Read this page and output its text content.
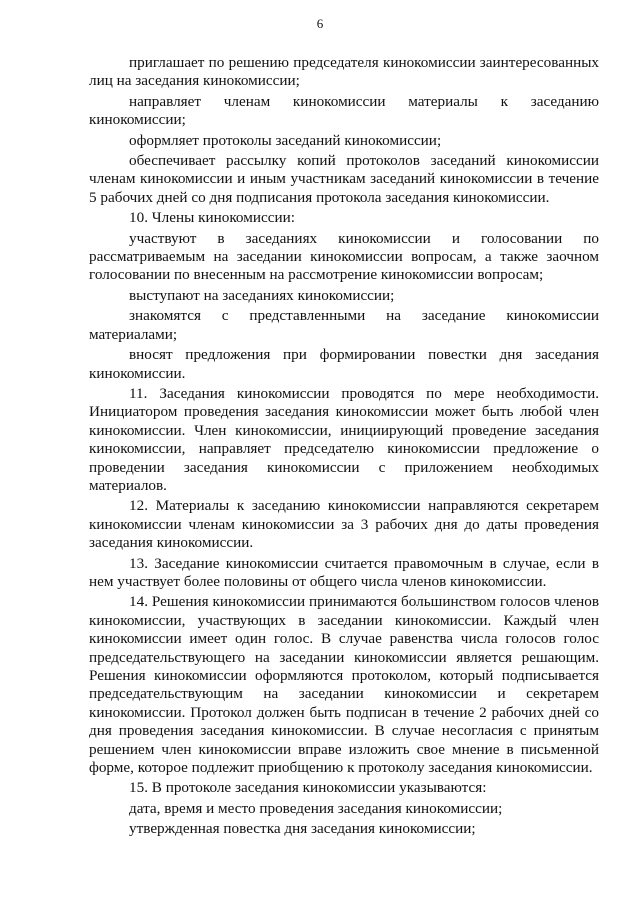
6

приглашает по решению председателя кинокомиссии заинтересованных лиц на заседания кинокомиссии;

направляет членам кинокомиссии материалы к заседанию кинокомиссии;

оформляет протоколы заседаний кинокомиссии;

обеспечивает рассылку копий протоколов заседаний кинокомиссии членам кинокомиссии и иным участникам заседаний кинокомиссии в течение 5 рабочих дней со дня подписания протокола заседания кинокомиссии.

10. Члены кинокомиссии:

участвуют в заседаниях кинокомиссии и голосовании по рассматриваемым на заседании кинокомиссии вопросам, а также заочном голосовании по внесенным на рассмотрение кинокомиссии вопросам;

выступают на заседаниях кинокомиссии;

знакомятся с представленными на заседание кинокомиссии материалами;

вносят предложения при формировании повестки дня заседания кинокомиссии.

11. Заседания кинокомиссии проводятся по мере необходимости. Инициатором проведения заседания кинокомиссии может быть любой член кинокомиссии. Член кинокомиссии, инициирующий проведение заседания кинокомиссии, направляет председателю кинокомиссии предложение о проведении заседания кинокомиссии с приложением необходимых материалов.

12. Материалы к заседанию кинокомиссии направляются секретарем кинокомиссии членам кинокомиссии за 3 рабочих дня до даты проведения заседания кинокомиссии.

13. Заседание кинокомиссии считается правомочным в случае, если в нем участвует более половины от общего числа членов кинокомиссии.

14. Решения кинокомиссии принимаются большинством голосов членов кинокомиссии, участвующих в заседании кинокомиссии. Каждый член кинокомиссии имеет один голос. В случае равенства числа голосов голос председательствующего на заседании кинокомиссии является решающим. Решения кинокомиссии оформляются протоколом, который подписывается председательствующим на заседании кинокомиссии и секретарем кинокомиссии. Протокол должен быть подписан в течение 2 рабочих дней со дня проведения заседания кинокомиссии. В случае несогласия с принятым решением член кинокомиссии вправе изложить свое мнение в письменной форме, которое подлежит приобщению к протоколу заседания кинокомиссии.

15. В протоколе заседания кинокомиссии указываются:

дата, время и место проведения заседания кинокомиссии;

утвержденная повестка дня заседания кинокомиссии;
